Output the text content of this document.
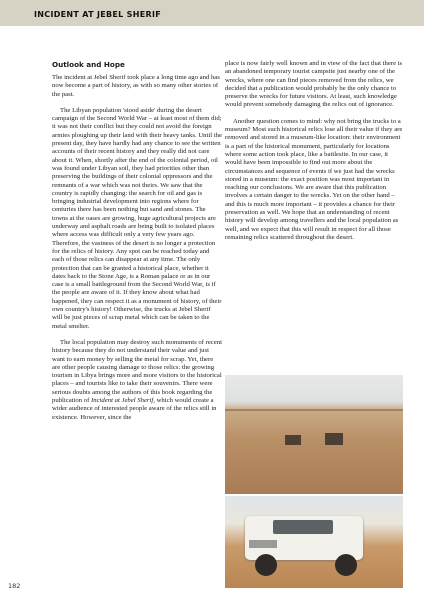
INCIDENT AT JEBEL SHERIF
Outlook and Hope

The incident at Jebel Sherif took place a long time ago and has now become a part of history, as with so many other stories of the past.

The Libyan population 'stood aside' during the desert campaign of the Second World War – at least most of them did; it was not their conflict but they could not avoid the foreign armies ploughing up their land with their heavy tanks. Until the present day, they have hardly had any chance to see the written accounts of their recent history and they really did not care about it. When, shortly after the end of the colonial period, oil was found under Libyan soil, they had priorities other than preserving the buildings of their colonial oppressors and the remnants of a war which was not theirs. We saw that the country is rapidly changing: the search for oil and gas is bringing industrial development into regions where for centuries there has been nothing but sand and stones. The towns at the oases are growing, huge agricultural projects are underway and asphalt roads are being built to isolated places where access was difficult only a very few years ago. Therefore, the vastness of the desert is no longer a protection for the relics of history. Any spot can be reached today and each of those relics can disappear at any time. The only protection that can be granted a historical place, whether it dates back to the Stone Age, is a Roman palace or as in our case is a small battleground from the Second World War, is if the people are aware of it. If they know about what had happened, they can respect it as a monument of history, of their own country's history! Otherwise, the trucks at Jebel Sherif will be just pieces of scrap metal which can be taken to the metal smelter.

The local population may destroy such monuments of recent history because they do not understand their value and just want to earn money by selling the metal for scrap. Yet, there are other people causing damage to those relics: the growing tourism in Libya brings more and more visitors to the historical places – and tourists like to take their souvenirs. There were serious doubts among the authors of this book regarding the publication of Incident at Jebel Sherif, which would create a wider audience of interested people aware of the relics still in existence. However, since the

place is now fairly well known and in view of the fact that there is an abandoned temporary tourist campsite just nearby one of the wrecks, where one can find pieces removed from the relics, we decided that a publication would probably be the only chance to preserve the wrecks for future visitors. At least, such knowledge would prevent somebody damaging the relics out of ignorance.

Another question comes to mind: why not bring the trucks to a museum? Most such historical relics lose all their value if they are removed and stored in a museum-like location: their environment is a part of the historical monument, particularly for locations where some action took place, like a battlesite. In our case, it would have been impossible to find out more about the circumstances and sequence of events if we just had the wrecks stored in a museum: the exact position was most important in reaching our conclusions. We are aware that this publication involves a certain danger to the wrecks. Yet on the other hand – and this is much more important – it provides a chance for their preservation as well. We hope that an understanding of recent history will develop among travellers and the local population as well, and we expect that this will result in respect for all those remaining relics scattered throughout the desert.

182
